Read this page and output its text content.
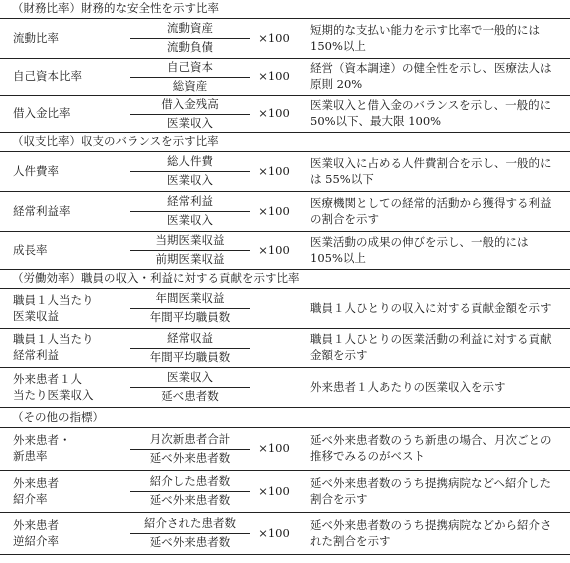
（財務比率）財務的な安全性を示す比率
流動比率
流動資産
流動負債
×100
短期的な支払い能力を示す比率で一般的には 150%以上
自己資本比率
自己資本
総資産
×100
経営（資本調達）の健全性を示し、医療法人は原則 20%
借入金比率
借入金残高
医業収入
×100
医業収入と借入金のバランスを示し、一般的に 50%以下、最大限 100%
（収支比率）収支のバランスを示す比率
人件費率
総人件費
医業収入
×100
医業収入に占める人件費割合を示し、一般的には 55%以下
経常利益率
経常利益
医業収入
×100
医療機関としての経常的活動から獲得する利益の割合を示す
成長率
当期医業収益
前期医業収益
×100
医業活動の成果の伸びを示し、一般的には 105%以上
（労働効率）職員の収入・利益に対する貢献を示す比率
職員１人当たり
医業収益
年間医業収益
年間平均職員数
職員１人ひとりの収入に対する貢献金額を示す
職員１人当たり
経常利益
経常収益
年間平均職員数
職員１人ひとりの医業活動の利益に対する貢献金額を示す
外来患者１人
当たり医業収入
医業収入
延べ患者数
外来患者１人あたりの医業収入を示す
（その他の指標）
外来患者・
新患率
月次新患者合計
延べ外来患者数
×100
延べ外来患者数のうち新患の場合、月次ごとの推移でみるのがベスト
外来患者
紹介率
紹介した患者数
延べ外来患者数
×100
延べ外来患者数のうち提携病院などへ紹介した割合を示す
外来患者
逆紹介率
紹介された患者数
延べ外来患者数
×100
延べ外来患者数のうち提携病院などから紹介された割合を示す
